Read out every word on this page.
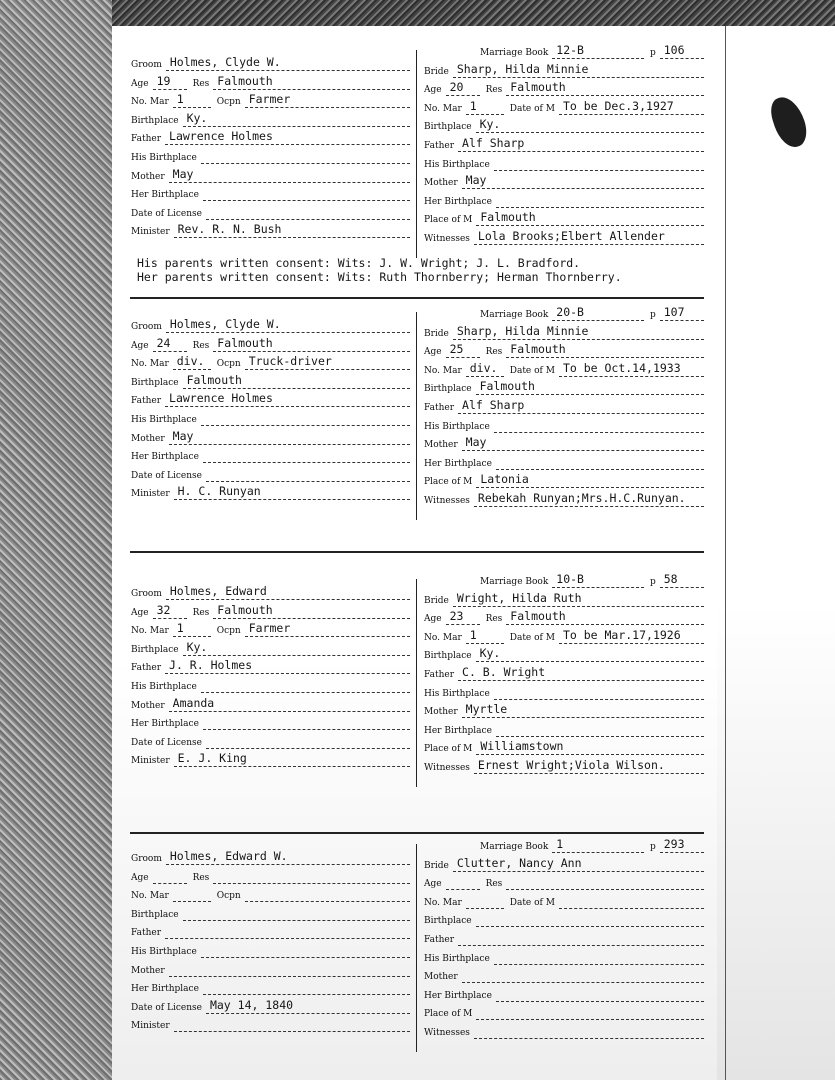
Groom Holmes, Clyde W.
Age 19 Res Falmouth
No. Mar 1	Ocpn Farmer
Birthplace Ky.
Father Lawrence Holmes
His Birthplace
Mother May
Her Birthplace
Date of License
Minister Rev. R. N. Bush
Marriage Book 12-B	p 106
Bride Sharp, Hilda Minnie
Age 20 Res Falmouth
No. Mar 1	Date of M To be Dec.3,1927
Birthplace Ky.
Father Alf Sharp
His Birthplace
Mother May
Her Birthplace
Place of M Falmouth
Witnesses Lola Brooks;Elbert Allender
His parents written consent: Wits: J. W. Wright; J. L. Bradford.
Her parents written consent: Wits: Ruth Thornberry; Herman Thornberry.
Groom Holmes, Clyde W.
Age 24 Res Falmouth
No. Mar div. Ocpn Truck-driver
Birthplace Falmouth
Father Lawrence Holmes
His Birthplace
Mother May
Her Birthplace
Date of License
Minister H. C. Runyan
Marriage Book 20-B	p 107
Bride Sharp, Hilda Minnie
Age 25 Res Falmouth
No. Mar div. Date of M To be Oct.14,1933
Birthplace Falmouth
Father Alf Sharp
His Birthplace
Mother May
Her Birthplace
Place of M Latonia
Witnesses Rebekah Runyan;Mrs.H.C.Runyan.
Groom Holmes, Edward
Age 32 Res Falmouth
No. Mar 1	Ocpn Farmer
Birthplace Ky.
Father J. R. Holmes
His Birthplace
Mother Amanda
Her Birthplace
Date of License
Minister E. J. King
Marriage Book 10-B	p 58
Bride Wright, Hilda Ruth
Age 23 Res Falmouth
No. Mar 1	Date of M To be Mar.17,1926
Birthplace Ky.
Father C. B. Wright
His Birthplace
Mother Myrtle
Her Birthplace
Place of M Williamstown
Witnesses Ernest Wright;Viola Wilson.
Groom Holmes, Edward W.
Age	Res
No. Mar	Ocpn
Birthplace
Father
His Birthplace
Mother
Her Birthplace
Date of License May 14, 1840
Minister
Marriage Book 1	p 293
Bride Clutter, Nancy Ann
Age	Res
No. Mar	Date of M
Birthplace
Father
His Birthplace
Mother
Her Birthplace
Place of M
Witnesses
